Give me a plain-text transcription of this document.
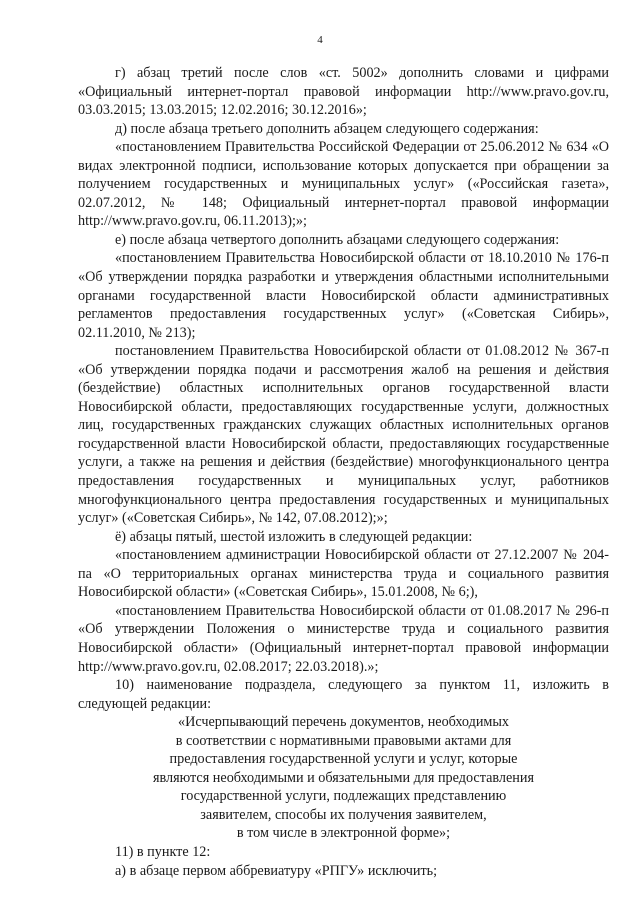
4

г) абзац третий после слов «ст. 5002» дополнить словами и цифрами «Официальный интернет-портал правовой информации http://www.pravo.gov.ru, 03.03.2015; 13.03.2015; 12.02.2016; 30.12.2016»;

д) после абзаца третьего дополнить абзацем следующего содержания:

«постановлением Правительства Российской Федерации от 25.06.2012 № 634 «О видах электронной подписи, использование которых допускается при обращении за получением государственных и муниципальных услуг» («Российская газета», 02.07.2012, № 148; Официальный интернет-портал правовой информации http://www.pravo.gov.ru, 06.11.2013);»;

е) после абзаца четвертого дополнить абзацами следующего содержания:

«постановлением Правительства Новосибирской области от 18.10.2010 № 176-п «Об утверждении порядка разработки и утверждения областными исполнительными органами государственной власти Новосибирской области административных регламентов предоставления государственных услуг» («Советская Сибирь», 02.11.2010, № 213);

постановлением Правительства Новосибирской области от 01.08.2012 № 367-п «Об утверждении порядка подачи и рассмотрения жалоб на решения и действия (бездействие) областных исполнительных органов государственной власти Новосибирской области, предоставляющих государственные услуги, должностных лиц, государственных гражданских служащих областных исполнительных органов государственной власти Новосибирской области, предоставляющих государственные услуги, а также на решения и действия (бездействие) многофункционального центра предоставления государственных и муниципальных услуг, работников многофункционального центра предоставления государственных и муниципальных услуг» («Советская Сибирь», № 142, 07.08.2012);»;

ё) абзацы пятый, шестой изложить в следующей редакции:

«постановлением администрации Новосибирской области от 27.12.2007 № 204-па «О территориальных органах министерства труда и социального развития Новосибирской области» («Советская Сибирь», 15.01.2008, № 6;),

«постановлением Правительства Новосибирской области от 01.08.2017 № 296-п «Об утверждении Положения о министерстве труда и социального развития Новосибирской области» (Официальный интернет-портал правовой информации http://www.pravo.gov.ru, 02.08.2017; 22.03.2018).»;

10) наименование подраздела, следующего за пунктом 11, изложить в следующей редакции:

«Исчерпывающий перечень документов, необходимых
в соответствии с нормативными правовыми актами для
предоставления государственной услуги и услуг, которые
являются необходимыми и обязательными для предоставления
государственной услуги, подлежащих представлению
заявителем, способы их получения заявителем,
в том числе в электронной форме»;

11) в пункте 12:

а) в абзаце первом аббревиатуру «РПГУ» исключить;
